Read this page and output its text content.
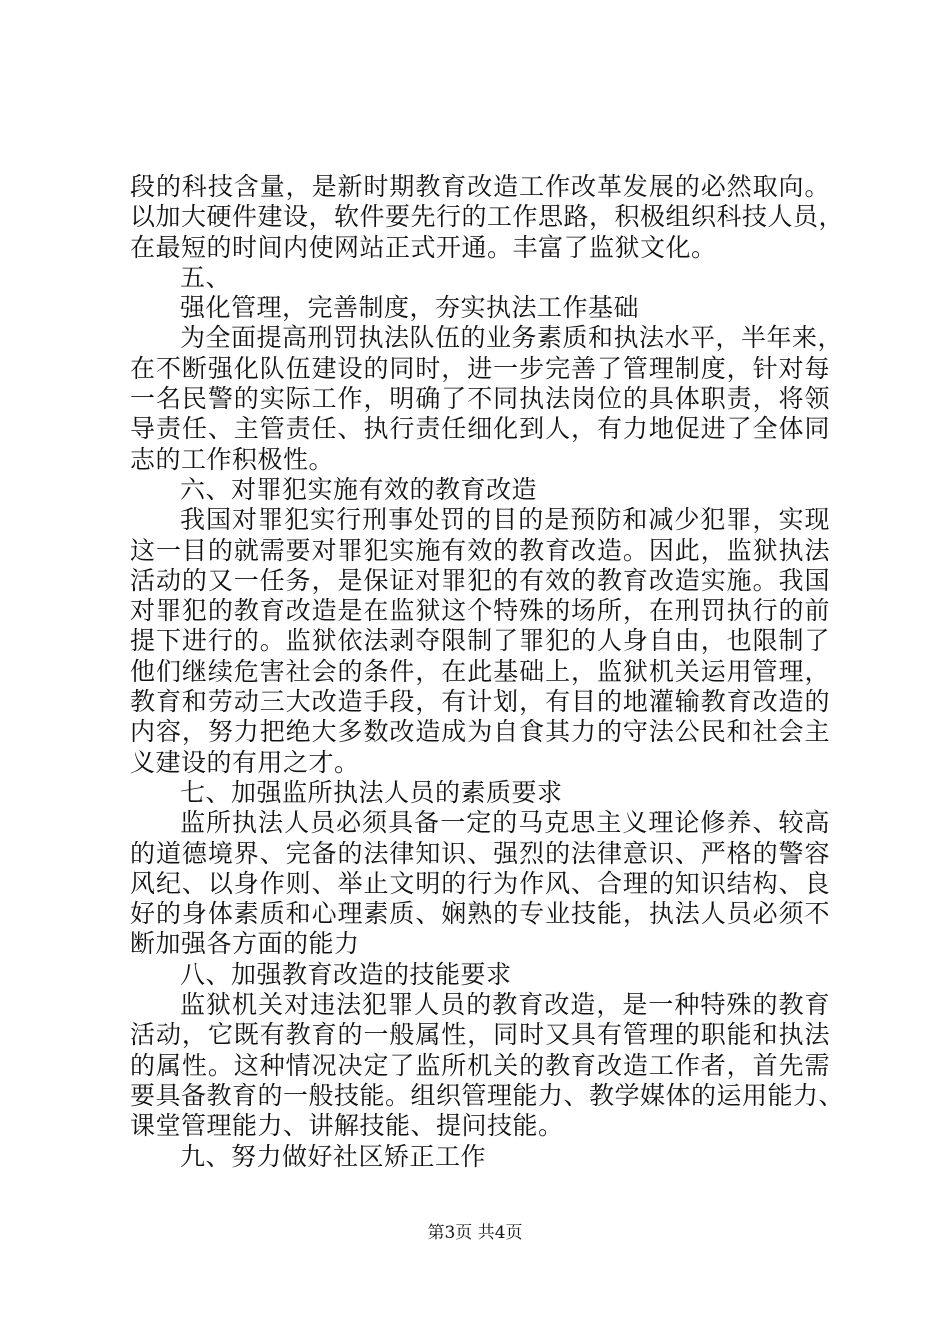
段的科技含量，是新时期教育改造工作改革发展的必然取向。

以加大硬件建设，软件要先行的工作思路，积极组织科技人员，

在最短的时间内使网站正式开通。丰富了监狱文化。

五、

强化管理，完善制度，夯实执法工作基础

为全面提高刑罚执法队伍的业务素质和执法水平，半年来，

在不断强化队伍建设的同时，进一步完善了管理制度，针对每

一名民警的实际工作，明确了不同执法岗位的具体职责，将领

导责任、主管责任、执行责任细化到人，有力地促进了全体同

志的工作积极性。

六、对罪犯实施有效的教育改造

我国对罪犯实行刑事处罚的目的是预防和减少犯罪，实现

这一目的就需要对罪犯实施有效的教育改造。因此，监狱执法

活动的又一任务，是保证对罪犯的有效的教育改造实施。我国

对罪犯的教育改造是在监狱这个特殊的场所，在刑罚执行的前

提下进行的。监狱依法剥夺限制了罪犯的人身自由，也限制了

他们继续危害社会的条件，在此基础上，监狱机关运用管理，

教育和劳动三大改造手段，有计划，有目的地灌输教育改造的

内容，努力把绝大多数改造成为自食其力的守法公民和社会主

义建设的有用之才。

七、加强监所执法人员的素质要求

监所执法人员必须具备一定的马克思主义理论修养、较高

的道德境界、完备的法律知识、强烈的法律意识、严格的警容

风纪、以身作则、举止文明的行为作风、合理的知识结构、良

好的身体素质和心理素质、娴熟的专业技能，执法人员必须不

断加强各方面的能力

八、加强教育改造的技能要求

监狱机关对违法犯罪人员的教育改造，是一种特殊的教育

活动，它既有教育的一般属性，同时又具有管理的职能和执法

的属性。这种情况决定了监所机关的教育改造工作者，首先需

要具备教育的一般技能。组织管理能力、教学媒体的运用能力、

课堂管理能力、讲解技能、提问技能。

九、努力做好社区矫正工作

第3页 共4页
